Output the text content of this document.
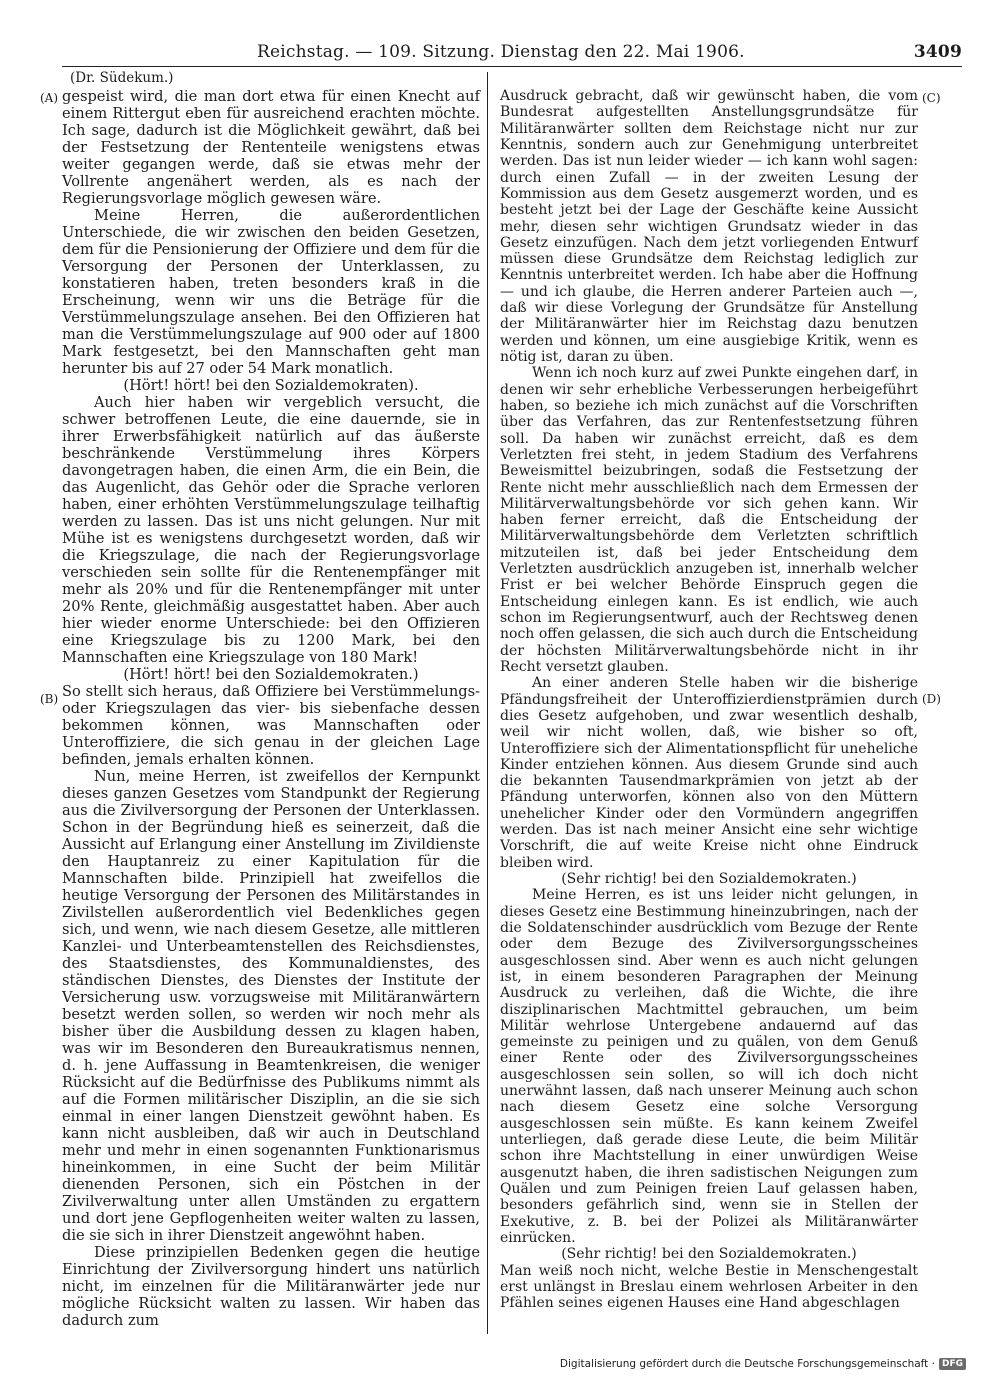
Reichstag. — 109. Sitzung. Dienstag den 22. Mai 1906.	3409
(Dr. Südekum.)
(A)
(B)
(C)
(D)

gespeist wird, die man dort etwa für einen Knecht auf einem Rittergut eben für ausreichend erachten möchte. Ich sage, dadurch ist die Möglichkeit gewährt, daß bei der Festsetzung der Rententeile wenigstens etwas weiter gegangen werde, daß sie etwas mehr der Vollrente angenähert werden, als es nach der Regierungsvorlage möglich gewesen wäre.

Meine Herren, die außerordentlichen Unterschiede, die wir zwischen den beiden Gesetzen, dem für die Pensionierung der Offiziere und dem für die Versorgung der Personen der Unterklassen, zu konstatieren haben, treten besonders kraß in die Erscheinung, wenn wir uns die Beträge für die Verstümmelungszulage ansehen. Bei den Offizieren hat man die Verstümmelungszulage auf 900 oder auf 1800 Mark festgesetzt, bei den Mannschaften geht man herunter bis auf 27 oder 54 Mark monatlich.

(Hört! hört! bei den Sozialdemokraten).

Auch hier haben wir vergeblich versucht, die schwer betroffenen Leute, die eine dauernde, sie in ihrer Erwerbsfähigkeit natürlich auf das äußerste beschränkende Verstümmelung ihres Körpers davongetragen haben, die einen Arm, die ein Bein, die das Augenlicht, das Gehör oder die Sprache verloren haben, einer erhöhten Verstümmelungszulage teilhaftig werden zu lassen. Das ist uns nicht gelungen. Nur mit Mühe ist es wenigstens durchgesetzt worden, daß wir die Kriegszulage, die nach der Regierungsvorlage verschieden sein sollte für die Rentenempfänger mit mehr als 20% und für die Rentenempfänger mit unter 20% Rente, gleichmäßig ausgestattet haben. Aber auch hier wieder enorme Unterschiede: bei den Offizieren eine Kriegszulage bis zu 1200 Mark, bei den Mannschaften eine Kriegszulage von 180 Mark!

(Hört! hört! bei den Sozialdemokraten.)

So stellt sich heraus, daß Offiziere bei Verstümmelungs- oder Kriegszulagen das vier- bis siebenfache dessen bekommen können, was Mannschaften oder Unteroffiziere, die sich genau in der gleichen Lage befinden, jemals erhalten können.

Nun, meine Herren, ist zweifellos der Kernpunkt dieses ganzen Gesetzes vom Standpunkt der Regierung aus die Zivilversorgung der Personen der Unterklassen. Schon in der Begründung hieß es seinerzeit, daß die Aussicht auf Erlangung einer Anstellung im Zivildienste den Hauptanreiz zu einer Kapitulation für die Mannschaften bilde. Prinzipiell hat zweifellos die heutige Versorgung der Personen des Militärstandes in Zivilstellen außerordentlich viel Bedenkliches gegen sich, und wenn, wie nach diesem Gesetze, alle mittleren Kanzlei- und Unterbeamtenstellen des Reichsdienstes, des Staatsdienstes, des Kommunaldienstes, des ständischen Dienstes, des Dienstes der Institute der Versicherung usw. vorzugsweise mit Militäranwärtern besetzt werden sollen, so werden wir noch mehr als bisher über die Ausbildung dessen zu klagen haben, was wir im Besonderen den Bureaukratismus nennen, d. h. jene Auffassung in Beamtenkreisen, die weniger Rücksicht auf die Bedürfnisse des Publikums nimmt als auf die Formen militärischer Disziplin, an die sie sich einmal in einer langen Dienstzeit gewöhnt haben. Es kann nicht ausbleiben, daß wir auch in Deutschland mehr und mehr in einen sogenannten Funktionarismus hineinkommen, in eine Sucht der beim Militär dienenden Personen, sich ein Pöstchen in der Zivilverwaltung unter allen Umständen zu ergattern und dort jene Gepflogenheiten weiter walten zu lassen, die sie sich in ihrer Dienstzeit angewöhnt haben.

Diese prinzipiellen Bedenken gegen die heutige Einrichtung der Zivilversorgung hindert uns natürlich nicht, im einzelnen für die Militäranwärter jede nur mögliche Rücksicht walten zu lassen. Wir haben das dadurch zum

Ausdruck gebracht, daß wir gewünscht haben, die vom Bundesrat aufgestellten Anstellungsgrundsätze für Militäranwärter sollten dem Reichstage nicht nur zur Kenntnis, sondern auch zur Genehmigung unterbreitet werden. Das ist nun leider wieder — ich kann wohl sagen: durch einen Zufall — in der zweiten Lesung der Kommission aus dem Gesetz ausgemerzt worden, und es besteht jetzt bei der Lage der Geschäfte keine Aussicht mehr, diesen sehr wichtigen Grundsatz wieder in das Gesetz einzufügen. Nach dem jetzt vorliegenden Entwurf müssen diese Grundsätze dem Reichstag lediglich zur Kenntnis unterbreitet werden. Ich habe aber die Hoffnung — und ich glaube, die Herren anderer Parteien auch —, daß wir diese Vorlegung der Grundsätze für Anstellung der Militäranwärter hier im Reichstag dazu benutzen werden und können, um eine ausgiebige Kritik, wenn es nötig ist, daran zu üben.

Wenn ich noch kurz auf zwei Punkte eingehen darf, in denen wir sehr erhebliche Verbesserungen herbeigeführt haben, so beziehe ich mich zunächst auf die Vorschriften über das Verfahren, das zur Rentenfestsetzung führen soll. Da haben wir zunächst erreicht, daß es dem Verletzten frei steht, in jedem Stadium des Verfahrens Beweismittel beizubringen, sodaß die Festsetzung der Rente nicht mehr ausschließlich nach dem Ermessen der Militärverwaltungsbehörde vor sich gehen kann. Wir haben ferner erreicht, daß die Entscheidung der Militärverwaltungsbehörde dem Verletzten schriftlich mitzuteilen ist, daß bei jeder Entscheidung dem Verletzten ausdrücklich anzugeben ist, innerhalb welcher Frist er bei welcher Behörde Einspruch gegen die Entscheidung einlegen kann. Es ist endlich, wie auch schon im Regierungsentwurf, auch der Rechtsweg denen noch offen gelassen, die sich auch durch die Entscheidung der höchsten Militärverwaltungsbehörde nicht in ihr Recht versetzt glauben.

An einer anderen Stelle haben wir die bisherige Pfändungsfreiheit der Unteroffizierdienstprämien durch dies Gesetz aufgehoben, und zwar wesentlich deshalb, weil wir nicht wollen, daß, wie bisher so oft, Unteroffiziere sich der Alimentationspflicht für uneheliche Kinder entziehen können. Aus diesem Grunde sind auch die bekannten Tausendmarkprämien von jetzt ab der Pfändung unterworfen, können also von den Müttern unehelicher Kinder oder den Vormündern angegriffen werden. Das ist nach meiner Ansicht eine sehr wichtige Vorschrift, die auf weite Kreise nicht ohne Eindruck bleiben wird.

(Sehr richtig! bei den Sozialdemokraten.)

Meine Herren, es ist uns leider nicht gelungen, in dieses Gesetz eine Bestimmung hineinzubringen, nach der die Soldatenschinder ausdrücklich vom Bezuge der Rente oder dem Bezuge des Zivilversorgungsscheines ausgeschlossen sind. Aber wenn es auch nicht gelungen ist, in einem besonderen Paragraphen der Meinung Ausdruck zu verleihen, daß die Wichte, die ihre disziplinarischen Machtmittel gebrauchen, um beim Militär wehrlose Untergebene andauernd auf das gemeinste zu peinigen und zu quälen, von dem Genuß einer Rente oder des Zivilversorgungsscheines ausgeschlossen sein sollen, so will ich doch nicht unerwähnt lassen, daß nach unserer Meinung auch schon nach diesem Gesetz eine solche Versorgung ausgeschlossen sein müßte. Es kann keinem Zweifel unterliegen, daß gerade diese Leute, die beim Militär schon ihre Machtstellung in einer unwürdigen Weise ausgenutzt haben, die ihren sadistischen Neigungen zum Quälen und zum Peinigen freien Lauf gelassen haben, besonders gefährlich sind, wenn sie in Stellen der Exekutive, z. B. bei der Polizei als Militäranwärter einrücken.

(Sehr richtig! bei den Sozialdemokraten.)

Man weiß noch nicht, welche Bestie in Menschengestalt erst unlängst in Breslau einem wehrlosen Arbeiter in den Pfählen seines eigenen Hauses eine Hand abgeschlagen

Digitalisierung gefördert durch die Deutsche Forschungsgemeinschaft · DFG
